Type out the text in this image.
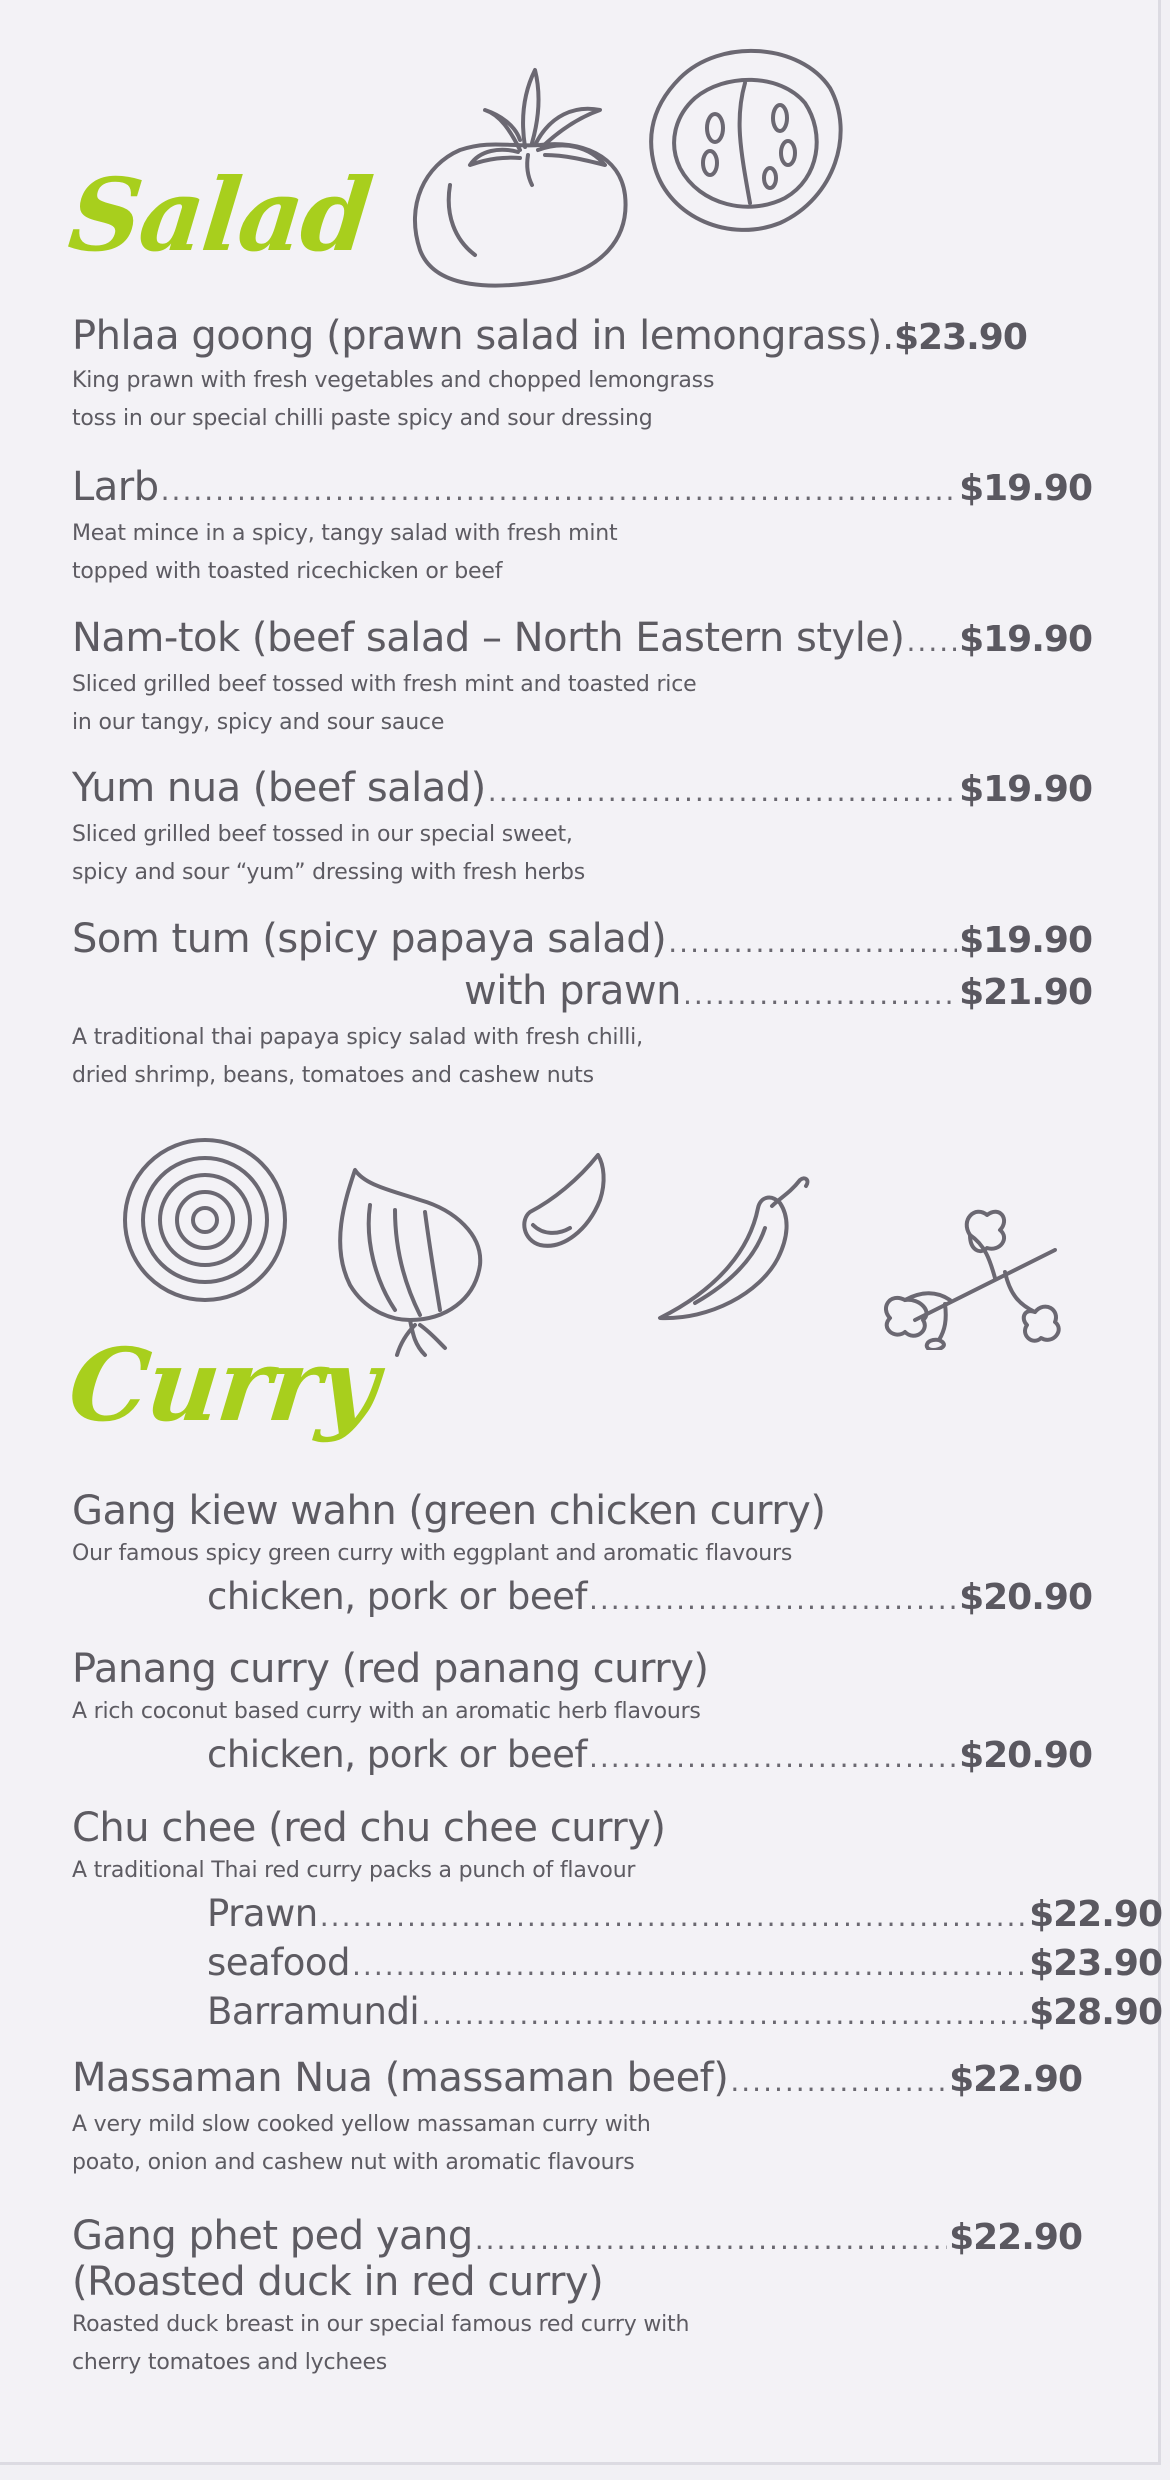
Salad
Phlaa goong (prawn salad in lemongrass). $23.90
King prawn with fresh vegetables and chopped lemongrass
toss in our special chilli paste spicy and sour dressing
Larb .....	$19.90
Meat mince in a spicy, tangy salad with fresh mint
topped with toasted ricechicken or beef
Nam-tok (beef salad – North Eastern style) ..... $19.90
Sliced grilled beef tossed with fresh mint and toasted rice
in our tangy, spicy and sour sauce
Yum nua (beef salad) .....	$19.90
Sliced grilled beef tossed in our special sweet,
spicy and sour “yum” dressing with fresh herbs
Som tum (spicy papaya salad) .....	$19.90
with prawn .....	$21.90
A traditional thai papaya spicy salad with fresh chilli,
dried shrimp, beans, tomatoes and cashew nuts
Curry
Gang kiew wahn (green chicken curry)
Our famous spicy green curry with eggplant and aromatic flavours
chicken, pork or beef .....	$20.90
Panang curry (red panang curry)
A rich coconut based curry with an aromatic herb flavours
chicken, pork or beef .....	$20.90
Chu chee (red chu chee curry)
A traditional Thai red curry packs a punch of flavour
Prawn .....	$22.90
seafood .....	$23.90
Barramundi .....	$28.90
Massaman Nua (massaman beef) .....	$22.90
A very mild slow cooked yellow massaman curry with
poato, onion and cashew nut with aromatic flavours
Gang phet ped yang .....	$22.90
(Roasted duck in red curry)
Roasted duck breast in our special famous red curry with
cherry tomatoes and lychees
